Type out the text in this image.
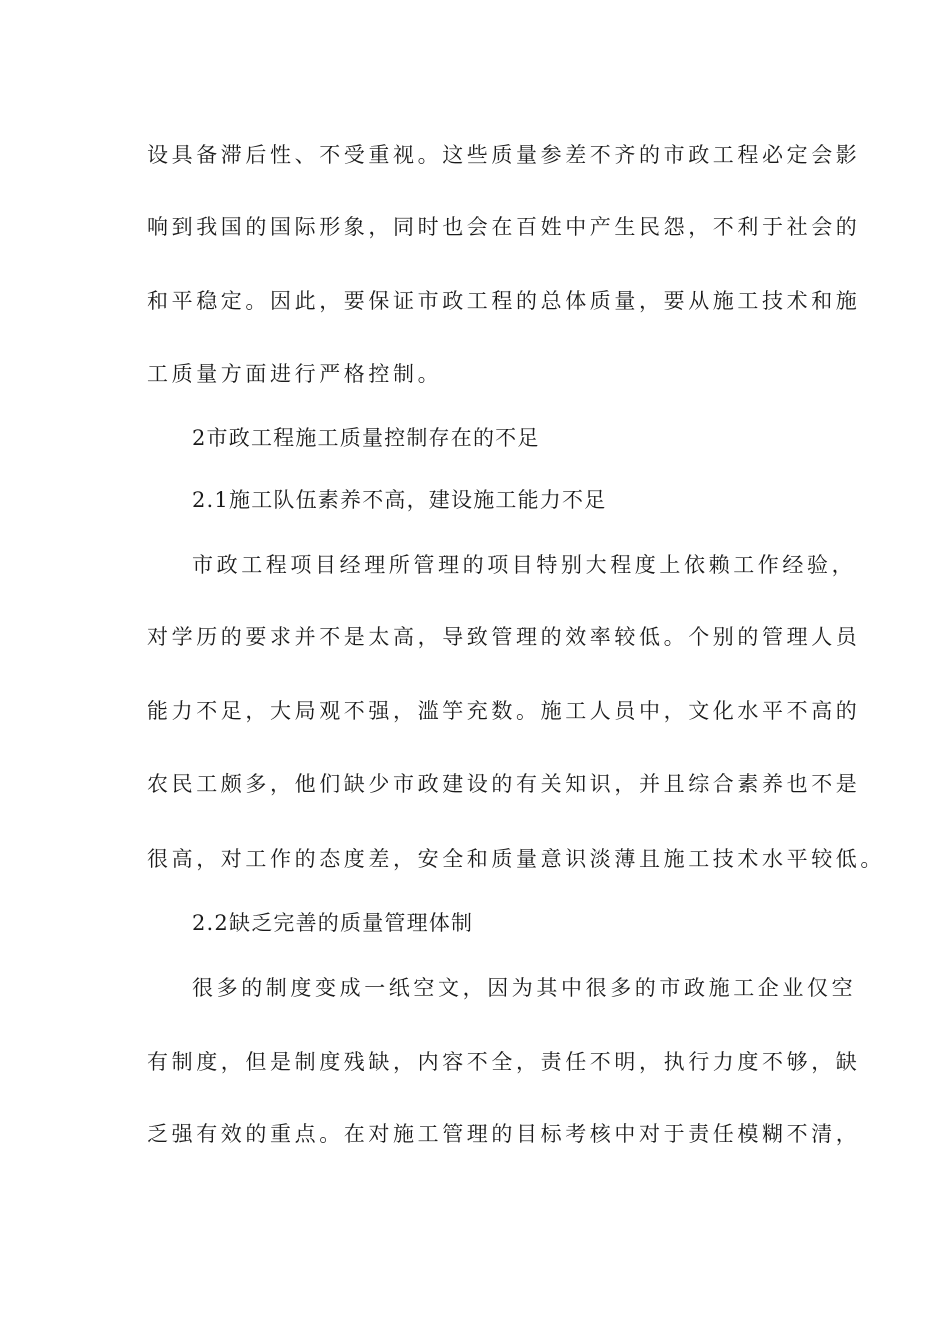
设具备滞后性、不受重视。这些质量参差不齐的市政工程必定会影
响到我国的国际形象，同时也会在百姓中产生民怨，不利于社会的
和平稳定。因此，要保证市政工程的总体质量，要从施工技术和施
工质量方面进行严格控制。
2市政工程施工质量控制存在的不足
2.1施工队伍素养不高，建设施工能力不足
市政工程项目经理所管理的项目特别大程度上依赖工作经验，
对学历的要求并不是太高，导致管理的效率较低。个别的管理人员
能力不足，大局观不强，滥竽充数。施工人员中，文化水平不高的
农民工颇多，他们缺少市政建设的有关知识，并且综合素养也不是
很高，对工作的态度差，安全和质量意识淡薄且施工技术水平较低。
2.2缺乏完善的质量管理体制
很多的制度变成一纸空文，因为其中很多的市政施工企业仅空
有制度，但是制度残缺，内容不全，责任不明，执行力度不够，缺
乏强有效的重点。在对施工管理的目标考核中对于责任模糊不清，
